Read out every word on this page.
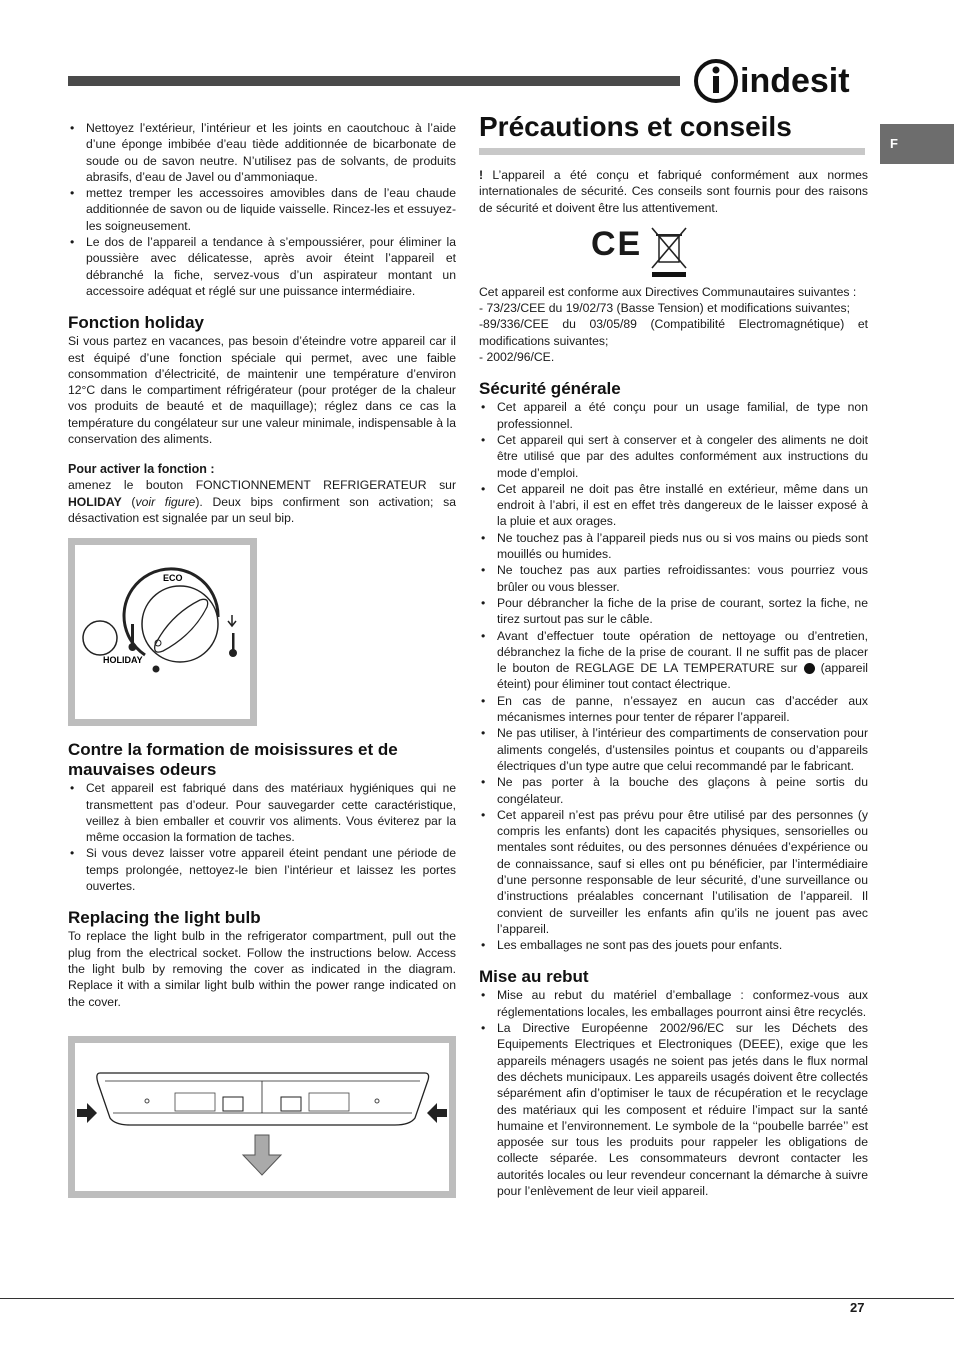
indesit
F
• Nettoyez l’extérieur, l’intérieur et les joints en caoutchouc à l’aide d’une éponge imbibée d’eau tiède additionnée de bicarbonate de soude ou de savon neutre. N’utilisez pas de solvants, de produits abrasifs, d’eau de Javel ou d’ammoniaque.
• mettez tremper les accessoires amovibles dans de l’eau chaude additionnée de savon ou de liquide vaisselle. Rincez-les et essuyez-les soigneusement.
• Le dos de l’appareil a tendance à s’empoussiérer, pour éliminer la poussière avec délicatesse, après avoir éteint l’appareil et débranché la fiche, servez-vous d’un aspirateur montant un accessoire adéquat et réglé sur une puissance intermédiaire.
Fonction holiday

Si vous partez en vacances, pas besoin d’éteindre votre appareil car il est équipé d’une fonction spéciale qui permet, avec une faible consommation d’électricité, de maintenir une température d’environ 12°C dans le compartiment réfrigérateur (pour protéger de la chaleur vos produits de beauté et de maquillage); réglez dans ce cas la température du congélateur sur une valeur minimale, indispensable à la conservation des aliments.

Pour activer la fonction :

amenez le bouton FONCTIONNEMENT REFRIGERATEUR sur HOLIDAY (voir figure). Deux bips confirment son activation; sa désactivation est signalée par un seul bip.

ECO
HOLIDAY
Contre la formation de moisissures et de mauvaises odeurs
• Cet appareil est fabriqué dans des matériaux hygiéniques qui ne transmettent pas d’odeur. Pour sauvegarder cette caractéristique, veillez à bien emballer et couvrir vos aliments. Vous éviterez par la même occasion la formation de taches.
• Si vous devez laisser votre appareil éteint pendant une période de temps prolongée, nettoyez-le bien l’intérieur et laissez les portes ouvertes.
Replacing the light bulb

To replace the light bulb in the refrigerator compartment, pull out the plug from the electrical socket. Follow the instructions below. Access the light bulb by removing the cover as indicated in the diagram. Replace it with a similar light bulb within the power range indicated on the cover.

Précautions et conseils

! L’appareil a été conçu et fabriqué conformément aux normes internationales de sécurité. Ces conseils sont fournis pour des raisons de sécurité et doivent être lus attentivement.

CE

Cet appareil est conforme aux Directives Communautaires suivantes :

- 73/23/CEE du 19/02/73 (Basse Tension) et modifications suivantes;

-89/336/CEE du 03/05/89 (Compatibilité Electromagnétique) et modifications suivantes;

- 2002/96/CE.

Sécurité générale
• Cet appareil a été conçu pour un usage familial, de type non professionnel.
• Cet appareil qui sert à conserver et à congeler des aliments ne doit être utilisé que par des adultes conformément aux instructions du mode d’emploi.
• Cet appareil ne doit pas être installé en extérieur, même dans un endroit à l’abri, il est en effet très dangereux de le laisser exposé à la pluie et aux orages.
• Ne touchez pas à l’appareil pieds nus ou si vos mains ou pieds sont mouillés ou humides.
• Ne touchez pas aux parties refroidissantes: vous pourriez vous brûler ou vous blesser.
• Pour débrancher la fiche de la prise de courant, sortez la fiche, ne tirez surtout pas sur le câble.
• Avant d’effectuer toute opération de nettoyage ou d’entretien, débranchez la fiche de la prise de courant. Il ne suffit pas de placer le bouton de REGLAGE DE LA TEMPERATURE sur (appareil éteint) pour éliminer tout contact électrique.
• En cas de panne, n’essayez en aucun cas d’accéder aux mécanismes internes pour tenter de réparer l’appareil.
• Ne pas utiliser, à l’intérieur des compartiments de conservation pour aliments congelés, d’ustensiles pointus et coupants ou d’appareils électriques d’un type autre que celui recommandé par le fabricant.
• Ne pas porter à la bouche des glaçons à peine sortis du congélateur.
• Cet appareil n’est pas prévu pour être utilisé par des personnes (y compris les enfants) dont les capacités physiques, sensorielles ou mentales sont réduites, ou des personnes dénuées d’expérience ou de connaissance, sauf si elles ont pu bénéficier, par l’intermédiaire d’une personne responsable de leur sécurité, d’une surveillance ou d’instructions préalables concernant l’utilisation de l’appareil. Il convient de surveiller les enfants afin qu’ils ne jouent pas avec l’appareil.
• Les emballages ne sont pas des jouets pour enfants.
Mise au rebut
• Mise au rebut du matériel d’emballage : conformez-vous aux réglementations locales, les emballages pourront ainsi être recyclés.
• La Directive Européenne 2002/96/EC sur les Déchets des Equipements Electriques et Electroniques (DEEE), exige que les appareils ménagers usagés ne soient pas jetés dans le flux normal des déchets municipaux. Les appareils usagés doivent être collectés séparément afin d’optimiser le taux de récupération et le recyclage des matériaux qui les composent et réduire l’impact sur la santé humaine et l’environnement. Le symbole de la ‘‘poubelle barrée’’ est apposée sur tous les produits pour rappeler les obligations de collecte séparée. Les consommateurs devront contacter les autorités locales ou leur revendeur concernant la démarche à suivre pour l’enlèvement de leur vieil appareil.
27
